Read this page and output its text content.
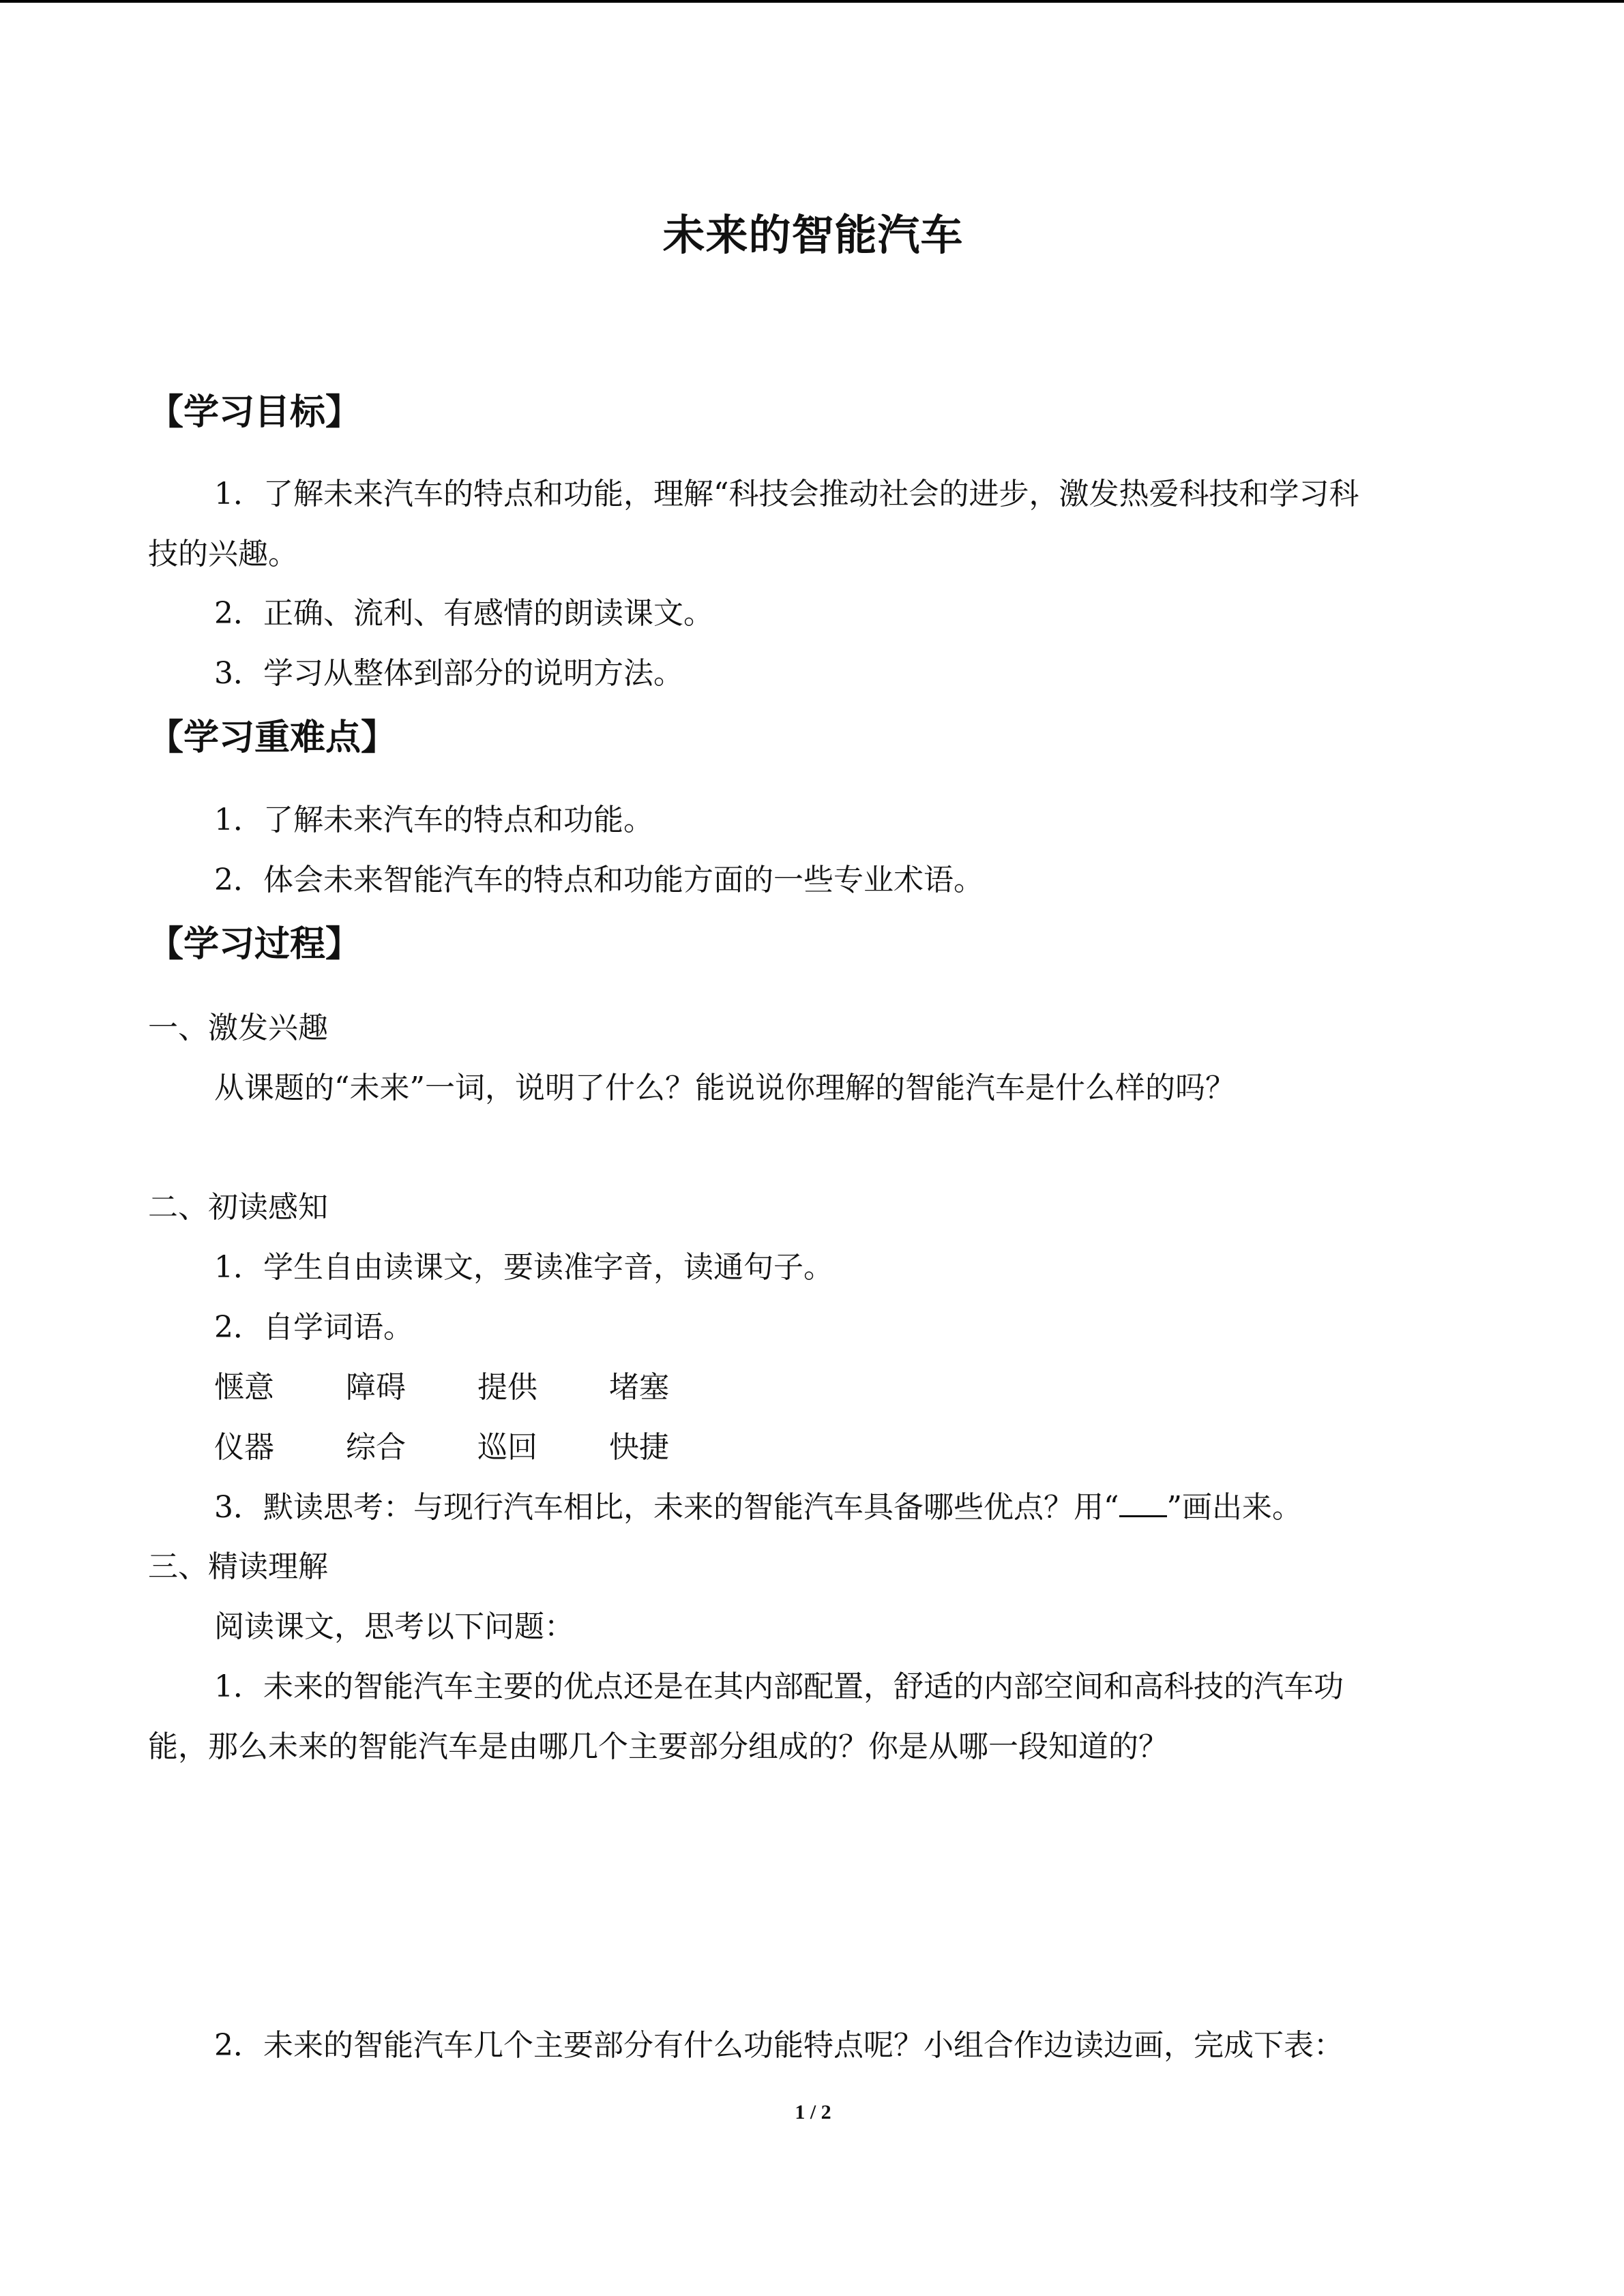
未来的智能汽车
【学习目标】
1．了解未来汽车的特点和功能，理解“科技会推动社会的进步，激发热爱科技和学习科
技的兴趣。
2．正确、流利、有感情的朗读课文。
3．学习从整体到部分的说明方法。
【学习重难点】
1．了解未来汽车的特点和功能。
2．体会未来智能汽车的特点和功能方面的一些专业术语。
【学习过程】
一、激发兴趣
从课题的“未来”一词，说明了什么？能说说你理解的智能汽车是什么样的吗？
二、初读感知
1．学生自由读课文，要读准字音，读通句子。
2．自学词语。
惬意 障碍 提供 堵塞
仪器 综合 巡回 快捷
3．默读思考：与现行汽车相比，未来的智能汽车具备哪些优点？用“ ”画出来。
三、精读理解
阅读课文，思考以下问题：
1．未来的智能汽车主要的优点还是在其内部配置，舒适的内部空间和高科技的汽车功
能，那么未来的智能汽车是由哪几个主要部分组成的？你是从哪一段知道的？
2．未来的智能汽车几个主要部分有什么功能特点呢？小组合作边读边画，完成下表：
1 / 2
